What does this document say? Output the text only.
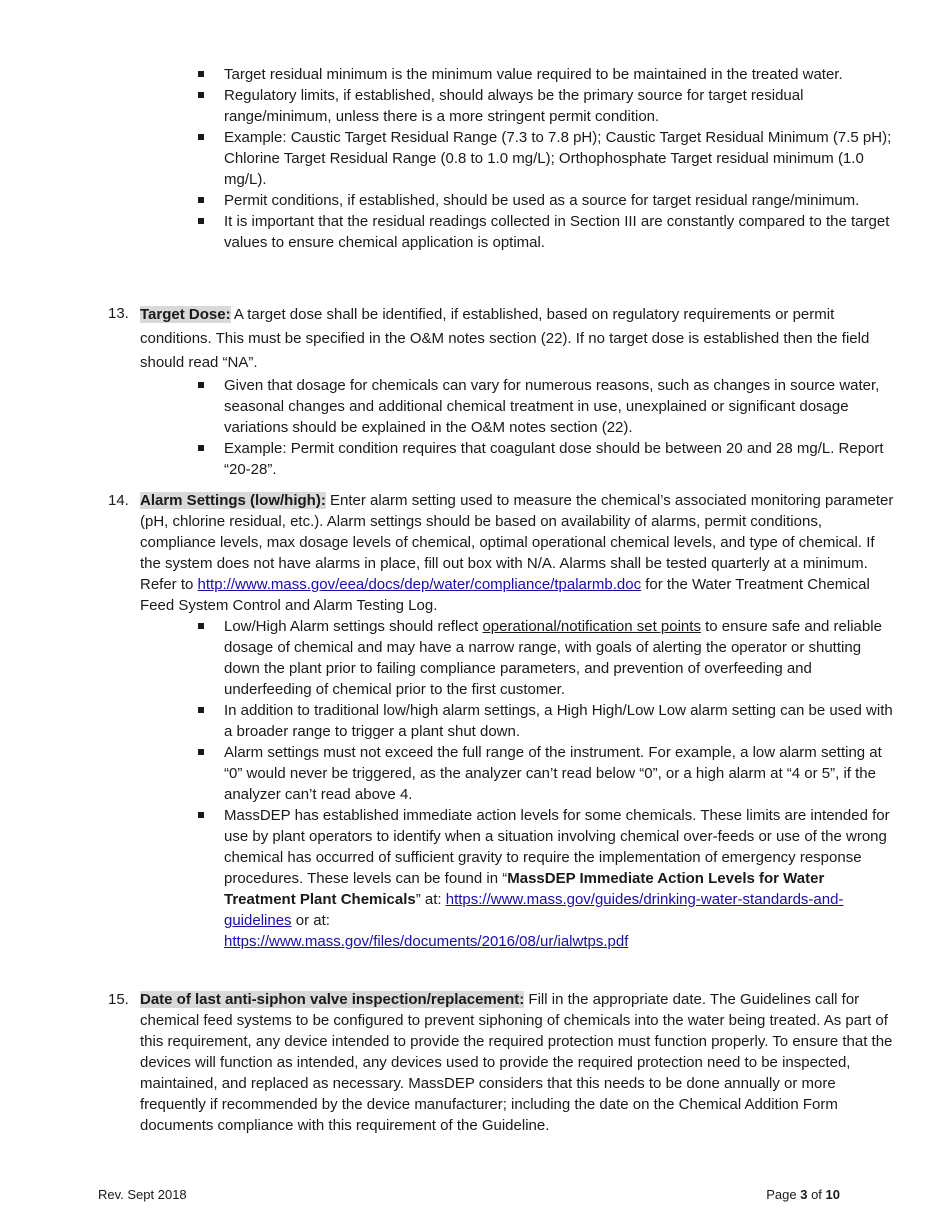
Target residual minimum is the minimum value required to be maintained in the treated water.
Regulatory limits, if established, should always be the primary source for target residual range/minimum, unless there is a more stringent permit condition.
Example: Caustic Target Residual Range (7.3 to 7.8 pH); Caustic Target Residual Minimum (7.5 pH); Chlorine Target Residual Range (0.8 to 1.0 mg/L); Orthophosphate Target residual minimum (1.0 mg/L).
Permit conditions, if established, should be used as a source for target residual range/minimum.
It is important that the residual readings collected in Section III are constantly compared to the target values to ensure chemical application is optimal.
13. Target Dose: A target dose shall be identified, if established, based on regulatory requirements or permit conditions. This must be specified in the O&M notes section (22). If no target dose is established then the field should read “NA”.
Given that dosage for chemicals can vary for numerous reasons, such as changes in source water, seasonal changes and additional chemical treatment in use, unexplained or significant dosage variations should be explained in the O&M notes section (22).
Example: Permit condition requires that coagulant dose should be between 20 and 28 mg/L. Report “20-28”.
14. Alarm Settings (low/high): Enter alarm setting used to measure the chemical’s associated monitoring parameter (pH, chlorine residual, etc.). Alarm settings should be based on availability of alarms, permit conditions, compliance levels, max dosage levels of chemical, optimal operational chemical levels, and type of chemical. If the system does not have alarms in place, fill out box with N/A. Alarms shall be tested quarterly at a minimum. Refer to http://www.mass.gov/eea/docs/dep/water/compliance/tpalarmb.doc for the Water Treatment Chemical Feed System Control and Alarm Testing Log.
Low/High Alarm settings should reflect operational/notification set points to ensure safe and reliable dosage of chemical and may have a narrow range, with goals of alerting the operator or shutting down the plant prior to failing compliance parameters, and prevention of overfeeding and underfeeding of chemical prior to the first customer.
In addition to traditional low/high alarm settings, a High High/Low Low alarm setting can be used with a broader range to trigger a plant shut down.
Alarm settings must not exceed the full range of the instrument. For example, a low alarm setting at “0” would never be triggered, as the analyzer can’t read below “0”, or a high alarm at “4 or 5”, if the analyzer can’t read above 4.
MassDEP has established immediate action levels for some chemicals. These limits are intended for use by plant operators to identify when a situation involving chemical over-feeds or use of the wrong chemical has occurred of sufficient gravity to require the implementation of emergency response procedures. These levels can be found in “MassDEP Immediate Action Levels for Water Treatment Plant Chemicals” at: https://www.mass.gov/guides/drinking-water-standards-and-guidelines or at:
https://www.mass.gov/files/documents/2016/08/ur/ialwtps.pdf
15. Date of last anti-siphon valve inspection/replacement: Fill in the appropriate date. The Guidelines call for chemical feed systems to be configured to prevent siphoning of chemicals into the water being treated. As part of this requirement, any device intended to provide the required protection must function properly. To ensure that the devices will function as intended, any devices used to provide the required protection need to be inspected, maintained, and replaced as necessary. MassDEP considers that this needs to be done annually or more frequently if recommended by the device manufacturer; including the date on the Chemical Addition Form documents compliance with this requirement of the Guideline.
Rev. Sept 2018	Page 3 of 10
